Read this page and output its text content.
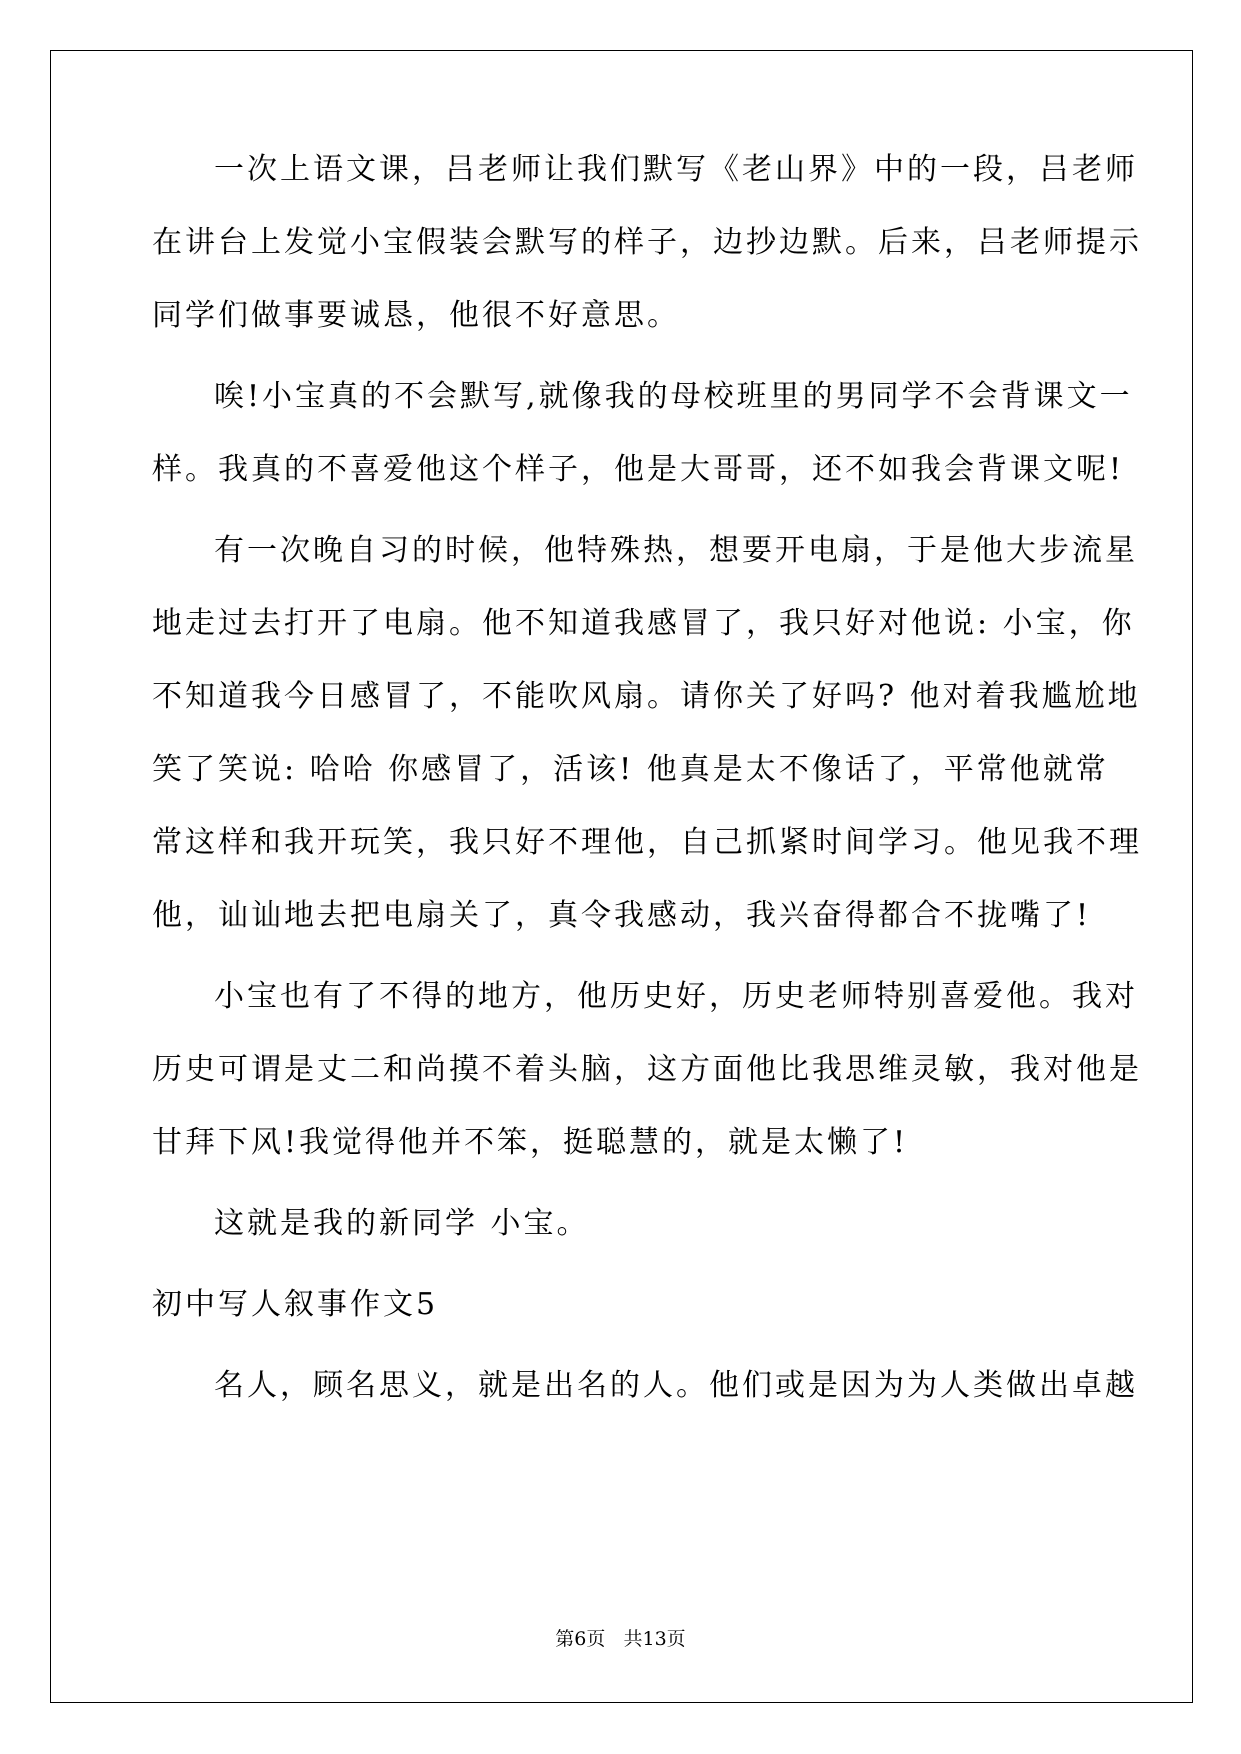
一次上语文课，吕老师让我们默写《老山界》中的一段，吕老师
在讲台上发觉小宝假装会默写的样子，边抄边默。后来，吕老师提示
同学们做事要诚恳，他很不好意思。
唉!小宝真的不会默写,就像我的母校班里的男同学不会背课文一
样。我真的不喜爱他这个样子，他是大哥哥，还不如我会背课文呢!
有一次晚自习的时候，他特殊热，想要开电扇，于是他大步流星
地走过去打开了电扇。他不知道我感冒了，我只好对他说: 小宝，你
不知道我今日感冒了，不能吹风扇。请你关了好吗? 他对着我尴尬地
笑了笑说: 哈哈 你感冒了，活该! 他真是太不像话了，平常他就常
常这样和我开玩笑，我只好不理他，自己抓紧时间学习。他见我不理
他，讪讪地去把电扇关了，真令我感动，我兴奋得都合不拢嘴了!
小宝也有了不得的地方，他历史好，历史老师特别喜爱他。我对
历史可谓是丈二和尚摸不着头脑，这方面他比我思维灵敏，我对他是
甘拜下风!我觉得他并不笨，挺聪慧的，就是太懒了!
这就是我的新同学 小宝。
初中写人叙事作文5
名人，顾名思义，就是出名的人。他们或是因为为人类做出卓越
第6页   共13页
